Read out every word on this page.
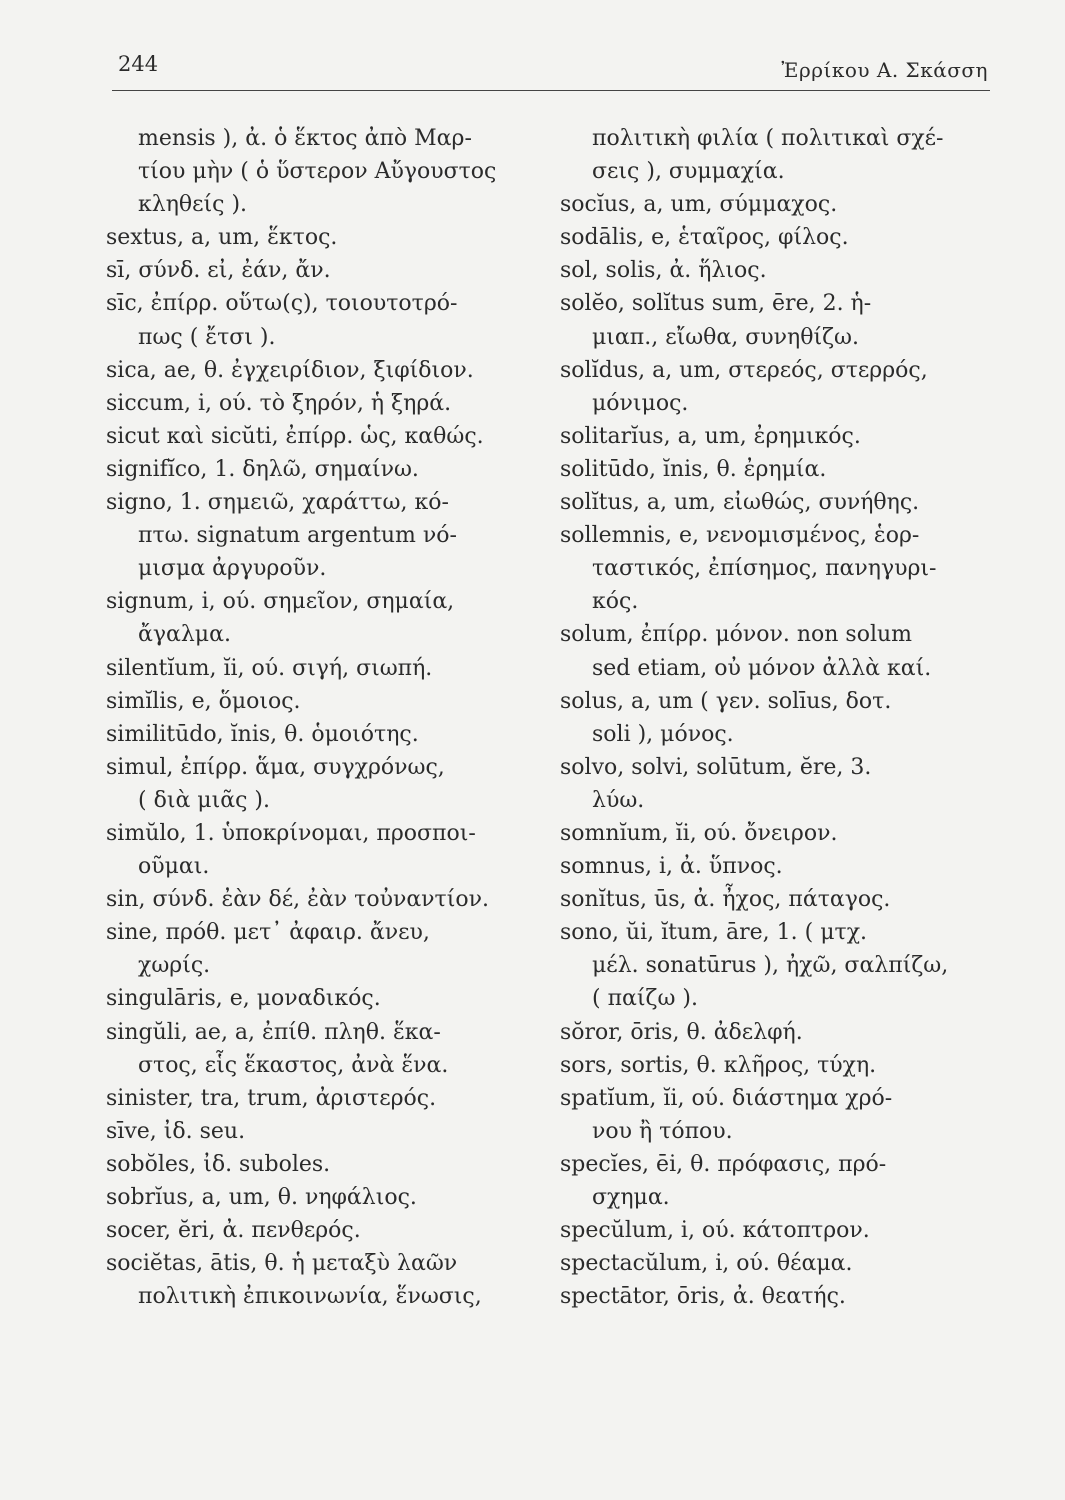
244	Ἐρρίκου Α. Σκάσση
mensis ), ἀ. ὁ ἕκτος ἀπὸ Μαρ-
τίου μὴν ( ὁ ὕστερον Αὔγουστος
κληθείς ).
sextus, a, um, ἕκτος.
sī, σύνδ. εἰ, ἐάν, ἄν.
sīc, ἐπίρρ. οὕτω(ς), τοιουτοτρό-
πως ( ἔτσι ).
sica, ae, θ. ἐγχειρίδιον, ξιφίδιον.
siccum, i, ού. τὸ ξηρόν, ἡ ξηρά.
sicut καὶ sicŭti, ἐπίρρ. ὡς, καθώς.
signifĭco, 1. δηλῶ, σημαίνω.
signo, 1. σημειῶ, χαράττω, κό-
πτω. signatum argentum νό-
μισμα ἀργυροῦν.
signum, i, ού. σημεῖον, σημαία,
ἄγαλμα.
silentĭum, ĭi, ού. σιγή, σιωπή.
simĭlis, e, ὅμοιος.
similitūdo, ĭnis, θ. ὁμοιότης.
simul, ἐπίρρ. ἅμα, συγχρόνως,
( διὰ μιᾶς ).
simŭlo, 1. ὑποκρίνομαι, προσποι-
οῦμαι.
sin, σύνδ. ἐὰν δέ, ἐὰν τοὐναντίον.
sine, πρόθ. μετ᾽ ἀφαιρ. ἄνευ,
χωρίς.
singulāris, e, μοναδικός.
singŭli, ae, a, ἐπίθ. πληθ. ἕκα-
στος, εἷς ἕκαστος, ἀνὰ ἕνα.
sinister, tra, trum, ἀριστερός.
sīve, ἰδ. seu.
sobŏles, ἰδ. suboles.
sobrĭus, a, um, θ. νηφάλιος.
socer, ĕri, ἀ. πενθερός.
sociĕtas, ātis, θ. ἡ μεταξὺ λαῶν
πολιτικὴ ἐπικοινωνία, ἕνωσις,
πολιτικὴ φιλία ( πολιτικαὶ σχέ-
σεις ), συμμαχία.
socĭus, a, um, σύμμαχος.
sodālis, e, ἑταῖρος, φίλος.
sol, solis, ἀ. ἥλιος.
solĕo, solĭtus sum, ēre, 2. ἡ-
μιαπ., εἴωθα, συνηθίζω.
solĭdus, a, um, στερεός, στερρός,
μόνιμος.
solitarĭus, a, um, ἐρημικός.
solitūdo, ĭnis, θ. ἐρημία.
solĭtus, a, um, εἰωθώς, συνήθης.
sollemnis, e, νενομισμένος, ἑορ-
ταστικός, ἐπίσημος, πανηγυρι-
κός.
solum, ἐπίρρ. μόνον. non solum
sed etiam, οὐ μόνον ἀλλὰ καί.
solus, a, um ( γεν. solīus, δοτ.
soli ), μόνος.
solvo, solvi, solūtum, ĕre, 3.
λύω.
somnĭum, ĭi, ού. ὄνειρον.
somnus, i, ἀ. ὕπνος.
sonĭtus, ūs, ἀ. ἦχος, πάταγος.
sono, ŭi, ĭtum, āre, 1. ( μτχ.
μέλ. sonatūrus ), ἠχῶ, σαλπίζω,
( παίζω ).
sŏror, ōris, θ. ἀδελφή.
sors, sortis, θ. κλῆρος, τύχη.
spatĭum, ĭi, ού. διάστημα χρό-
νου ἢ τόπου.
specĭes, ēi, θ. πρόφασις, πρό-
σχημα.
specŭlum, i, ού. κάτοπτρον.
spectacŭlum, i, ού. θέαμα.
spectātor, ōris, ἀ. θεατής.
